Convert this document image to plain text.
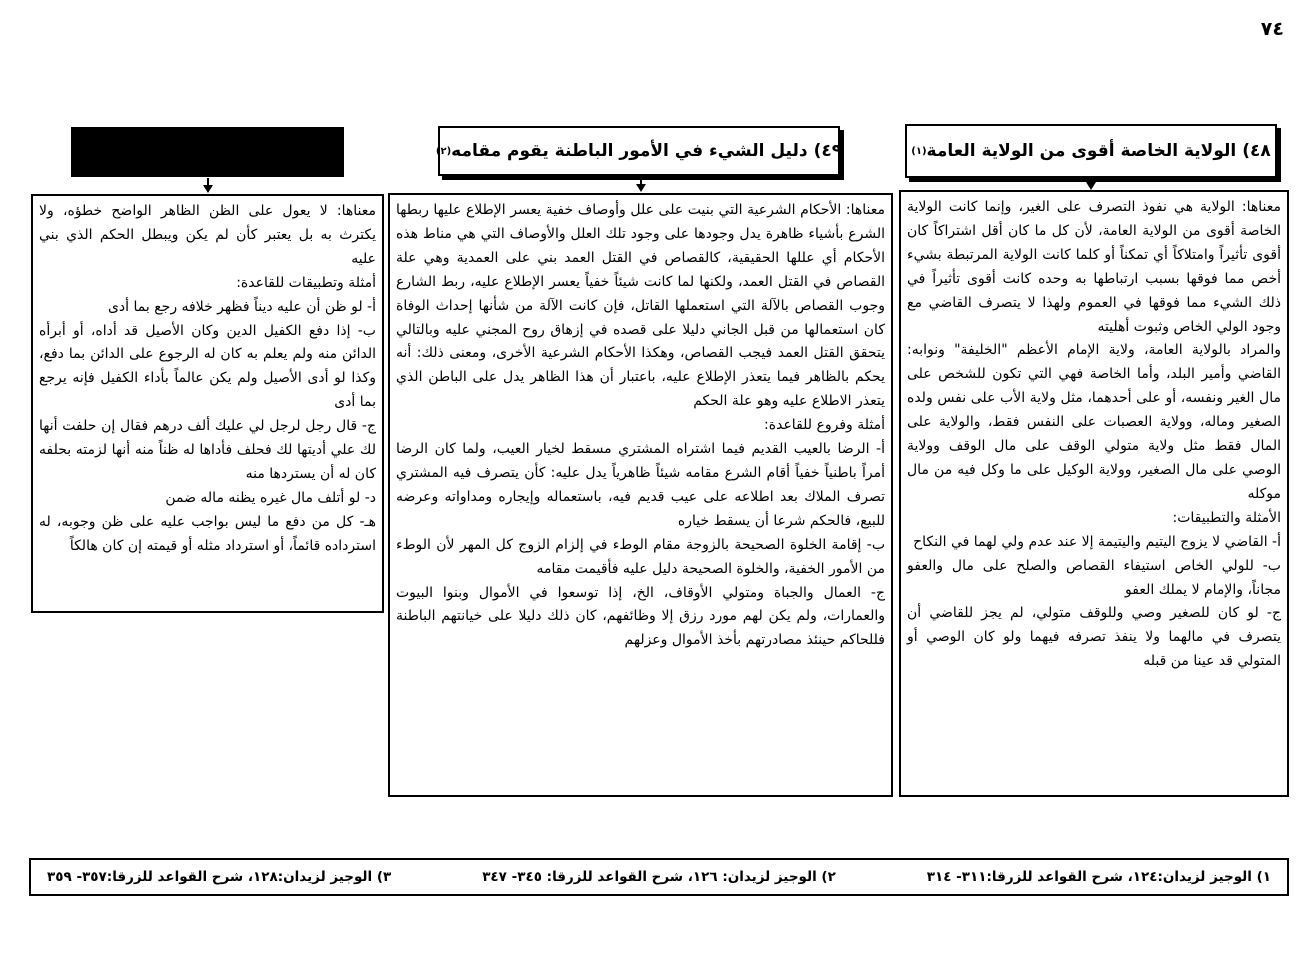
٧٤
٤٨)
الولاية الخاصة أقوى من الولاية العامة
(١)
٤٩)
دليل الشيء في الأمور الباطنة يقوم مقامه
(٢)

معناها: الولاية هي نفوذ التصرف على الغير، وإنما كانت الولاية الخاصة أقوى من الولاية العامة، لأن كل ما كان أقل اشتراكاً كان أقوى تأثيراً وامتلاكاً أي تمكناً أو كلما كانت الولاية المرتبطة بشيء أخص مما فوقها بسبب ارتباطها به وحده كانت أقوى تأثيراً في ذلك الشيء مما فوقها في العموم ولهذا لا يتصرف القاضي مع وجود الولي الخاص وثبوت أهليته

والمراد بالولاية العامة، ولاية الإمام الأعظم "الخليفة" ونوابه: القاضي وأمير البلد، وأما الخاصة فهي التي تكون للشخص على مال الغير ونفسه، أو على أحدهما، مثل ولاية الأب على نفس ولده الصغير وماله، وولاية العصبات على النفس فقط، والولاية على المال فقط مثل ولاية متولي الوقف على مال الوقف وولاية الوصي على مال الصغير، وولاية الوكيل على ما وكل فيه من مال موكله

الأمثلة والتطبيقات:

أ- القاضي لا يزوج اليتيم واليتيمة إلا عند عدم ولي لهما في النكاح

ب- للولي الخاص استيفاء القصاص والصلح على مال والعفو مجاناً، والإمام لا يملك العفو

ج- لو كان للصغير وصي وللوقف متولي، لم يجز للقاضي أن يتصرف في مالهما ولا ينفذ تصرفه فيهما ولو كان الوصي أو المتولي قد عينا من قبله

معناها: الأحكام الشرعية التي بنيت على علل وأوصاف خفية يعسر الإطلاع عليها ربطها الشرع بأشياء ظاهرة يدل وجودها على وجود تلك العلل والأوصاف التي هي مناط هذه الأحكام أي عللها الحقيقية، كالقصاص في القتل العمد بني على العمدية وهي علة القصاص في القتل العمد، ولكنها لما كانت شيئاً خفياً يعسر الإطلاع عليه، ربط الشارع وجوب القصاص بالآلة التي استعملها القاتل، فإن كانت الآلة من شأنها إحداث الوفاة كان استعمالها من قبل الجاني دليلا على قصده في إزهاق روح المجني عليه وبالتالي يتحقق القتل العمد فيجب القصاص، وهكذا الأحكام الشرعية الأخرى، ومعنى ذلك: أنه يحكم بالظاهر فيما يتعذر الإطلاع عليه، باعتبار أن هذا الظاهر يدل على الباطن الذي يتعذر الاطلاع عليه وهو علة الحكم

أمثلة وفروع للقاعدة:

أ- الرضا بالعيب القديم فيما اشتراه المشتري مسقط لخيار العيب، ولما كان الرضا أمراً باطنياً خفياً أقام الشرع مقامه شيئاً ظاهرياً يدل عليه: كأن يتصرف فيه المشتري تصرف الملاك بعد اطلاعه على عيب قديم فيه، باستعماله وإيجاره ومداواته وعرضه للبيع، فالحكم شرعا أن يسقط خياره

ب- إقامة الخلوة الصحيحة بالزوجة مقام الوطء في إلزام الزوج كل المهر لأن الوطء من الأمور الخفية، والخلوة الصحيحة دليل عليه فأقيمت مقامه

ج- العمال والجباة ومتولي الأوقاف، الخ، إذا توسعوا في الأموال وبنوا البيوت والعمارات، ولم يكن لهم مورد رزق إلا وظائفهم، كان ذلك دليلا على خيانتهم الباطنة فللحاكم حينئذ مصادرتهم بأخذ الأموال وعزلهم

معناها: لا يعول على الظن الظاهر الواضح خطؤه، ولا يكترث به بل يعتبر كأن لم يكن ويبطل الحكم الذي بني عليه

أمثلة وتطبيقات للقاعدة:

أ- لو ظن أن عليه ديناً فظهر خلافه رجع بما أدى

ب- إذا دفع الكفيل الدين وكان الأصيل قد أداه، أو أبرأه الدائن منه ولم يعلم به كان له الرجوع على الدائن بما دفع، وكذا لو أدى الأصيل ولم يكن عالماً بأداء الكفيل فإنه يرجع بما أدى

ج- قال رجل لرجل لي عليك ألف درهم فقال إن حلفت أنها لك علي أديتها لك فحلف فأداها له ظناً منه أنها لزمته بحلفه كان له أن يستردها منه

د- لو أتلف مال غيره يظنه ماله ضمن

هـ- كل من دفع ما ليس بواجب عليه على ظن وجوبه، له استرداده قائماً، أو استرداد مثله أو قيمته إن كان هالكاً

١) الوجيز لزيدان:١٢٤، شرح القواعد للزرقا:٣١١- ٣١٤
٢) الوجيز لزيدان: ١٢٦، شرح القواعد للزرقا: ٣٤٥- ٣٤٧
٣) الوجيز لزيدان:١٢٨، شرح القواعد للزرقا:٣٥٧- ٣٥٩
